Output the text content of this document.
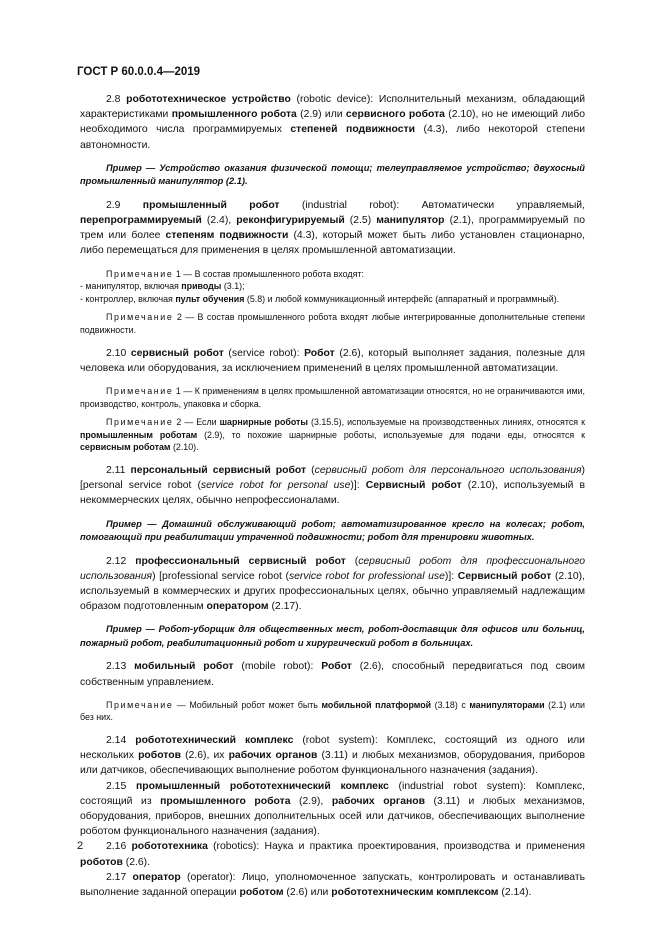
ГОСТ Р 60.0.0.4—2019

2.8 робототехническое устройство (robotic device): Исполнительный механизм, обладающий характеристиками промышленного робота (2.9) или сервисного робота (2.10), но не имеющий либо необходимого числа программируемых степеней подвижности (4.3), либо некоторой степени автономности.

Пример — Устройство оказания физической помощи; телеуправляемое устройство; двухосный промышленный манипулятор (2.1).

2.9 промышленный робот (industrial robot): Автоматически управляемый, перепрограммируемый (2.4), реконфигурируемый (2.5) манипулятор (2.1), программируемый по трем или более степеням подвижности (4.3), который может быть либо установлен стационарно, либо перемещаться для применения в целях промышленной автоматизации.

Примечание 1 — В состав промышленного робота входят:

- манипулятор, включая приводы (3.1);

- контроллер, включая пульт обучения (5.8) и любой коммуникационный интерфейс (аппаратный и программный).

Примечание 2 — В состав промышленного робота входят любые интегрированные дополнительные степени подвижности.

2.10 сервисный робот (service robot): Робот (2.6), который выполняет задания, полезные для человека или оборудования, за исключением применений в целях промышленной автоматизации.

Примечание 1 — К применениям в целях промышленной автоматизации относятся, но не ограничиваются ими, производство, контроль, упаковка и сборка.

Примечание 2 — Если шарнирные роботы (3.15.5), используемые на производственных линиях, относятся к промышленным роботам (2.9), то похожие шарнирные роботы, используемые для подачи еды, относятся к сервисным роботам (2.10).

2.11 персональный сервисный робот (сервисный робот для персонального использования) [personal service robot (service robot for personal use)]: Сервисный робот (2.10), используемый в некоммерческих целях, обычно непрофессионалами.

Пример — Домашний обслуживающий робот; автоматизированное кресло на колесах; робот, помогающий при реабилитации утраченной подвижности; робот для тренировки животных.

2.12 профессиональный сервисный робот (сервисный робот для профессионального использования) [professional service robot (service robot for professional use)]: Сервисный робот (2.10), используемый в коммерческих и других профессиональных целях, обычно управляемый надлежащим образом подготовленным оператором (2.17).

Пример — Робот-уборщик для общественных мест, робот-доставщик для офисов или больниц, пожарный робот, реабилитационный робот и хирургический робот в больницах.

2.13 мобильный робот (mobile robot): Робот (2.6), способный передвигаться под своим собственным управлением.

Примечание — Мобильный робот может быть мобильной платформой (3.18) с манипуляторами (2.1) или без них.

2.14 робототехнический комплекс (robot system): Комплекс, состоящий из одного или нескольких роботов (2.6), их рабочих органов (3.11) и любых механизмов, оборудования, приборов или датчиков, обеспечивающих выполнение роботом функционального назначения (задания).

2.15 промышленный робототехнический комплекс (industrial robot system): Комплекс, состоящий из промышленного робота (2.9), рабочих органов (3.11) и любых механизмов, оборудования, приборов, внешних дополнительных осей или датчиков, обеспечивающих выполнение роботом функционального назначения (задания).

2.16 робототехника (robotics): Наука и практика проектирования, производства и применения роботов (2.6).

2.17 оператор (operator): Лицо, уполномоченное запускать, контролировать и останавливать выполнение заданной операции роботом (2.6) или робототехническим комплексом (2.14).

2
